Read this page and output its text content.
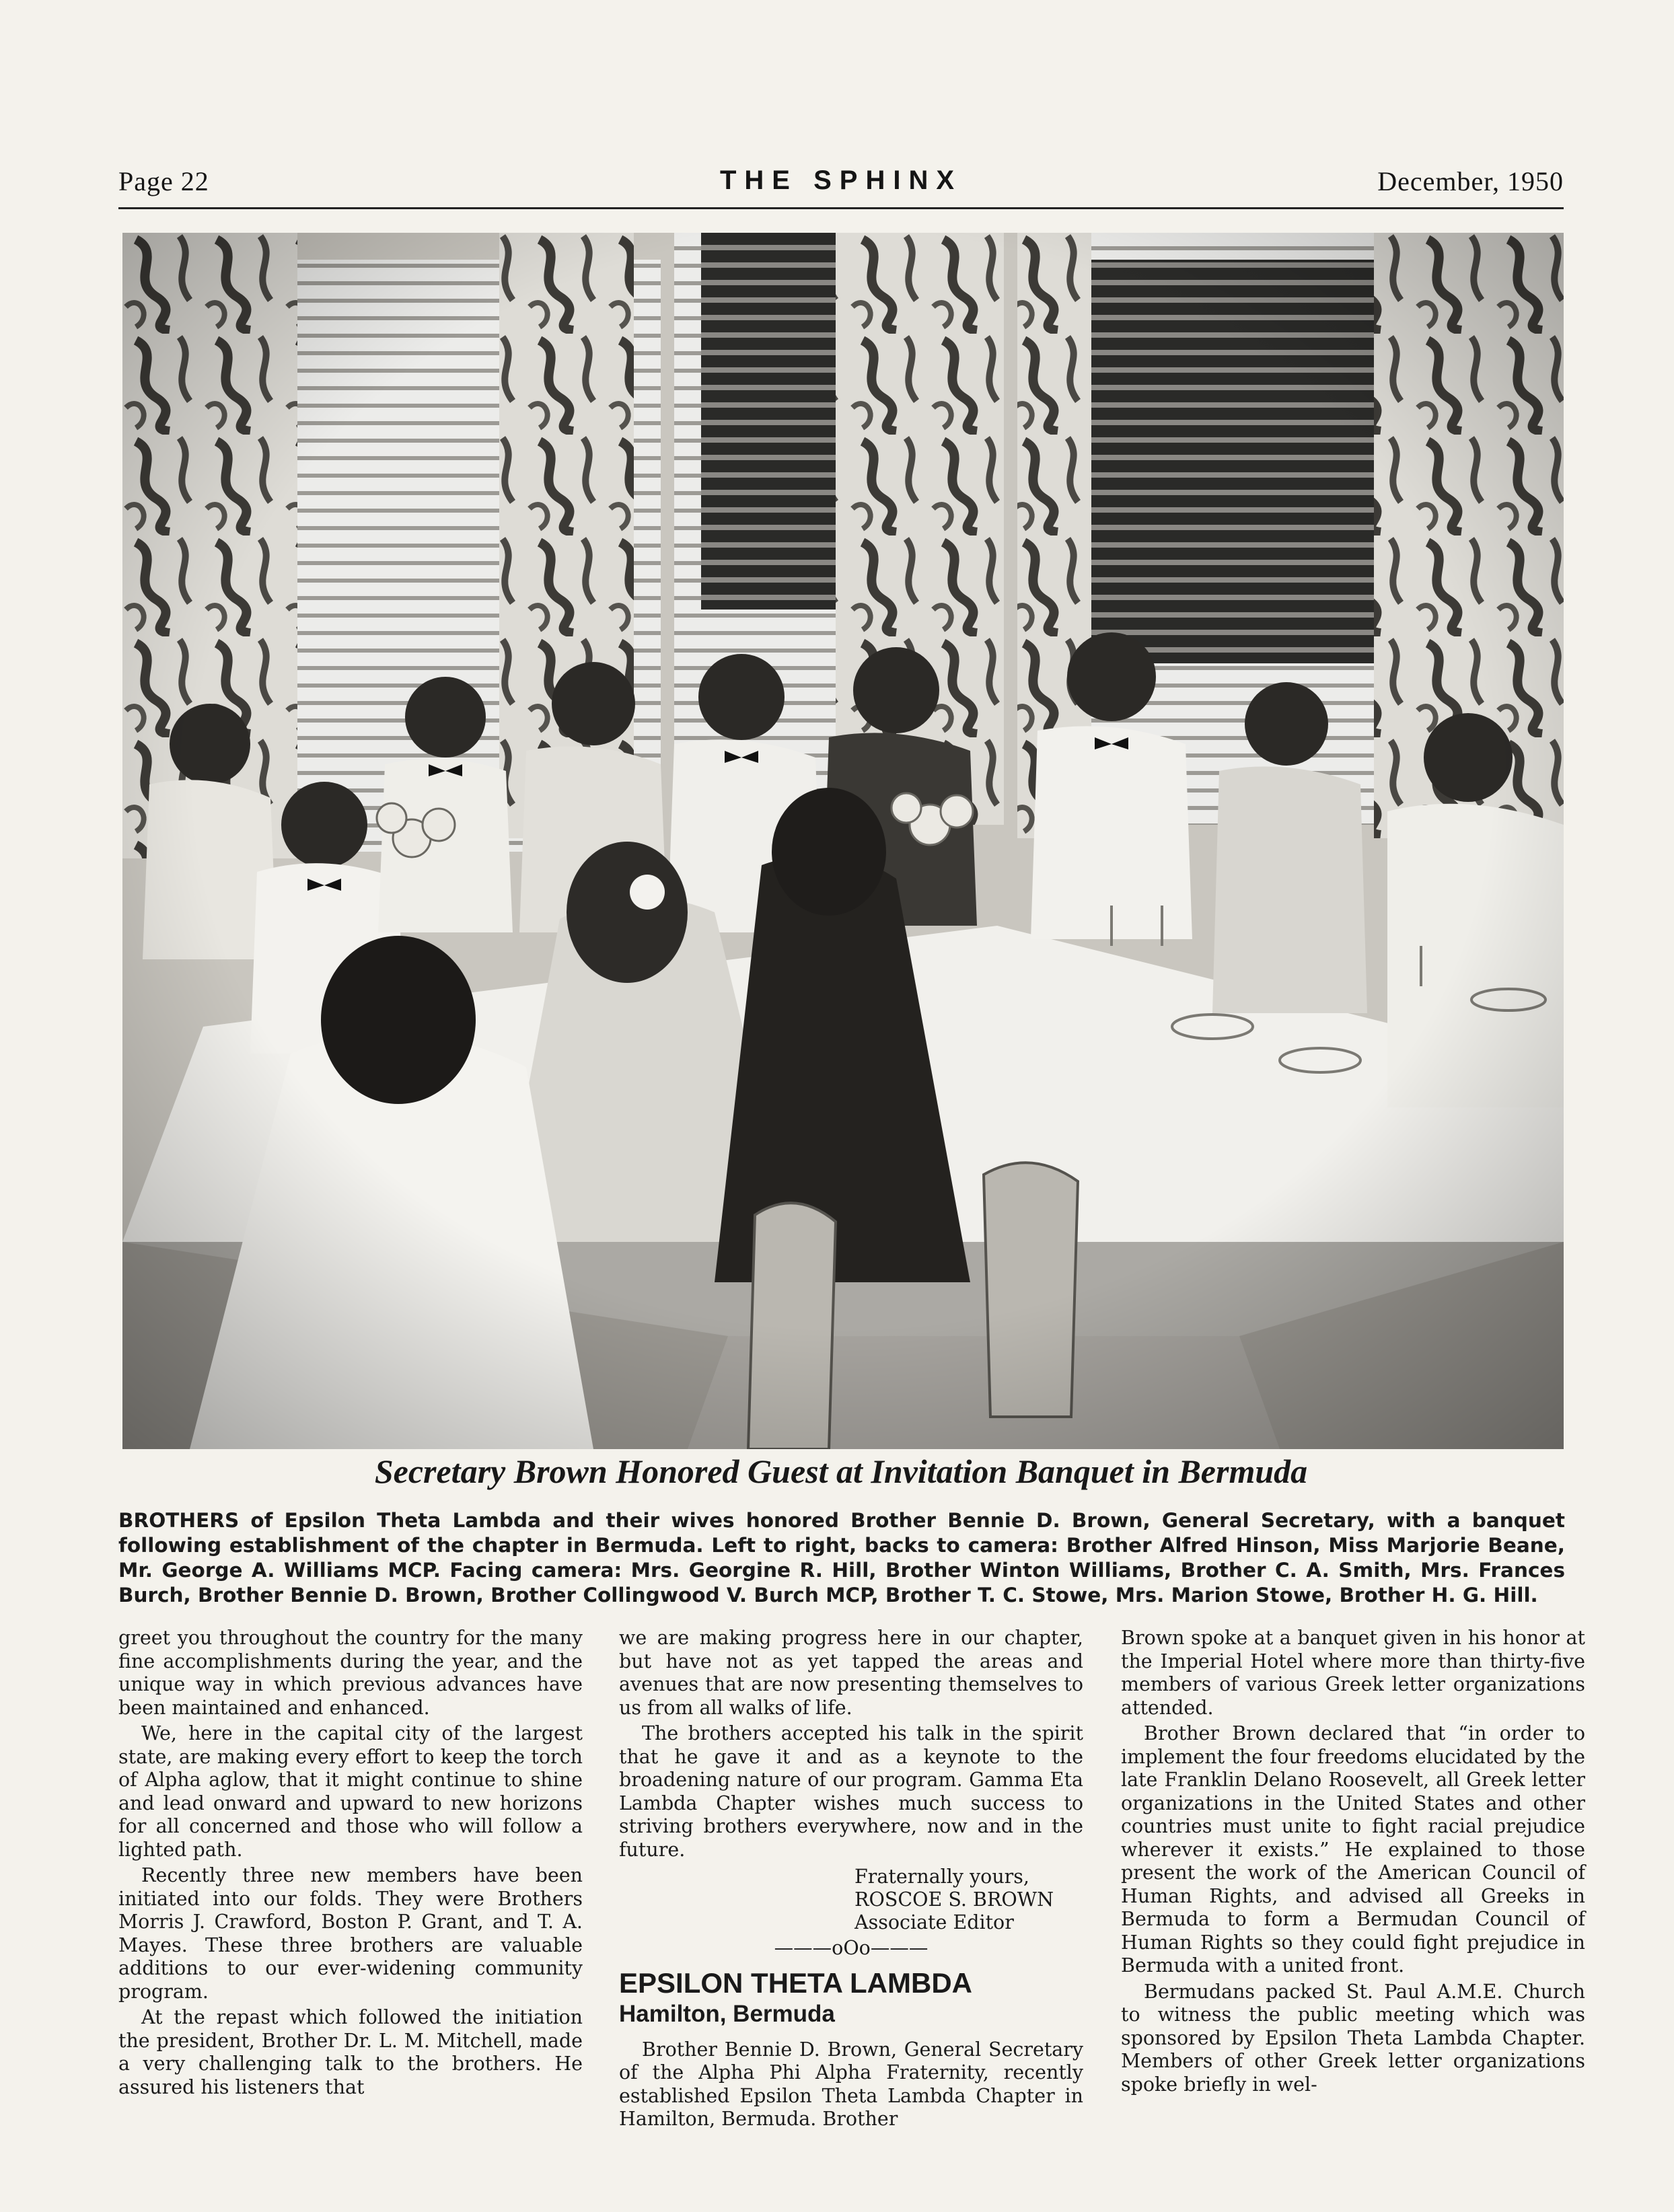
Page 22	THE SPHINX	December, 1950
Secretary Brown Honored Guest at Invitation Banquet in Bermuda
BROTHERS of Epsilon Theta Lambda and their wives honored Brother Bennie D. Brown, General Secretary, with a banquet following establishment of the chapter in Bermuda. Left to right, backs to camera: Brother Alfred Hinson, Miss Marjorie Beane, Mr. George A. Williams MCP. Facing camera: Mrs. Georgine R. Hill, Brother Winton Williams, Brother C. A. Smith, Mrs. Frances Burch, Brother Bennie D. Brown, Brother Collingwood V. Burch MCP, Brother T. C. Stowe, Mrs. Marion Stowe, Brother H. G. Hill.

greet you throughout the country for the many fine accomplishments during the year, and the unique way in which previous advances have been maintained and enhanced.

We, here in the capital city of the largest state, are making every effort to keep the torch of Alpha aglow, that it might continue to shine and lead onward and upward to new horizons for all concerned and those who will follow a lighted path.

Recently three new members have been initiated into our folds. They were Brothers Morris J. Crawford, Boston P. Grant, and T. A. Mayes. These three brothers are valuable additions to our ever-widening community program.

At the repast which followed the initiation the president, Brother Dr. L. M. Mitchell, made a very challenging talk to the brothers. He assured his listeners that

we are making progress here in our chapter, but have not as yet tapped the areas and avenues that are now presenting themselves to us from all walks of life.

The brothers accepted his talk in the spirit that he gave it and as a keynote to the broadening nature of our program. Gamma Eta Lambda Chapter wishes much success to striving brothers everywhere, now and in the future.

Fraternally yours,
ROSCOE S. BROWN
Associate Editor
———oOo———
EPSILON THETA LAMBDA
Hamilton, Bermuda

Brother Bennie D. Brown, General Secretary of the Alpha Phi Alpha Fraternity, recently established Epsilon Theta Lambda Chapter in Hamilton, Bermuda. Brother

Brown spoke at a banquet given in his honor at the Imperial Hotel where more than thirty-five members of various Greek letter organizations attended.

Brother Brown declared that “in order to implement the four freedoms elucidated by the late Franklin Delano Roosevelt, all Greek letter organizations in the United States and other countries must unite to fight racial prejudice wherever it exists.” He explained to those present the work of the American Council of Human Rights, and advised all Greeks in Bermuda to form a Bermudan Council of Human Rights so they could fight prejudice in Bermuda with a united front.

Bermudans packed St. Paul A.M.E. Church to witness the public meeting which was sponsored by Epsilon Theta Lambda Chapter. Members of other Greek letter organizations spoke briefly in wel-
